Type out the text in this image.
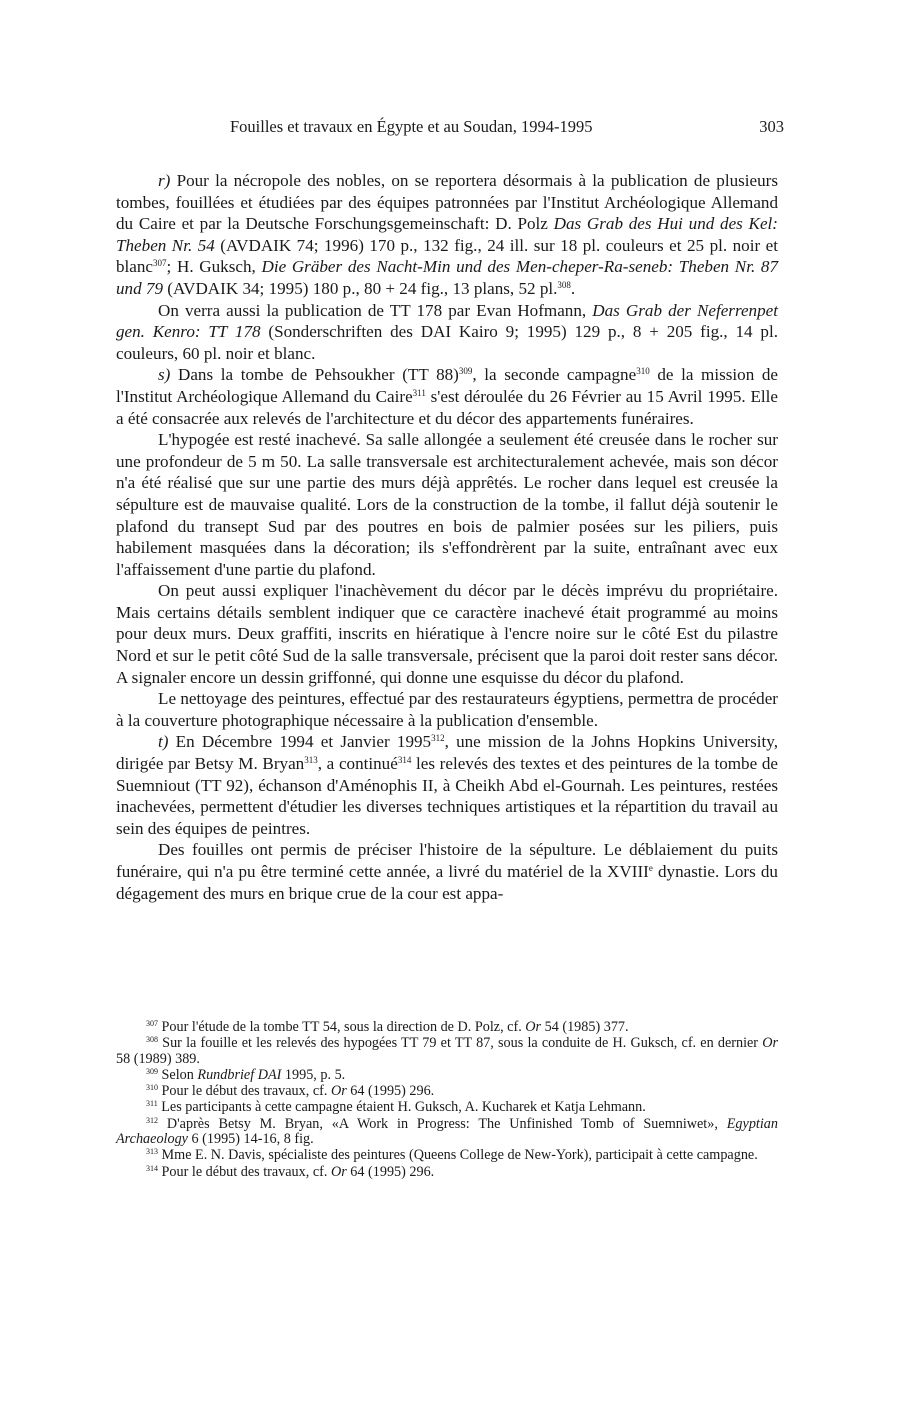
Fouilles et travaux en Égypte et au Soudan, 1994-1995	303

r) Pour la nécropole des nobles, on se reportera désormais à la publication de plusieurs tombes, fouillées et étudiées par des équipes patronnées par l'Institut Archéologique Allemand du Caire et par la Deutsche Forschungsgemeinschaft: D. Polz Das Grab des Hui und des Kel: Theben Nr. 54 (AVDAIK 74; 1996) 170 p., 132 fig., 24 ill. sur 18 pl. couleurs et 25 pl. noir et blanc$^{307}$; H. Guksch, Die Gräber des Nacht-Min und des Men-cheper-Ra-seneb: Theben Nr. 87 und 79 (AVDAIK 34; 1995) 180 p., 80 + 24 fig., 13 plans, 52 pl.$^{308}$.

On verra aussi la publication de TT 178 par Evan Hofmann, Das Grab der Neferrenpet gen. Kenro: TT 178 (Sonderschriften des DAI Kairo 9; 1995) 129 p., 8 + 205 fig., 14 pl. couleurs, 60 pl. noir et blanc.

s) Dans la tombe de Pehsoukher (TT 88)$^{309}$, la seconde campagne$^{310}$ de la mission de l'Institut Archéologique Allemand du Caire$^{311}$ s'est déroulée du 26 Février au 15 Avril 1995. Elle a été consacrée aux relevés de l'architecture et du décor des appartements funéraires.

L'hypogée est resté inachevé. Sa salle allongée a seulement été creusée dans le rocher sur une profondeur de 5 m 50. La salle transversale est architecturalement achevée, mais son décor n'a été réalisé que sur une partie des murs déjà apprêtés. Le rocher dans lequel est creusée la sépulture est de mauvaise qualité. Lors de la construction de la tombe, il fallut déjà soutenir le plafond du transept Sud par des poutres en bois de palmier posées sur les piliers, puis habilement masquées dans la décoration; ils s'effondrèrent par la suite, entraînant avec eux l'affaissement d'une partie du plafond.

On peut aussi expliquer l'inachèvement du décor par le décès imprévu du propriétaire. Mais certains détails semblent indiquer que ce caractère inachevé était programmé au moins pour deux murs. Deux graffiti, inscrits en hiératique à l'encre noire sur le côté Est du pilastre Nord et sur le petit côté Sud de la salle transversale, précisent que la paroi doit rester sans décor. A signaler encore un dessin griffonné, qui donne une esquisse du décor du plafond.

Le nettoyage des peintures, effectué par des restaurateurs égyptiens, permettra de procéder à la couverture photographique nécessaire à la publication d'ensemble.

t) En Décembre 1994 et Janvier 1995$^{312}$, une mission de la Johns Hopkins University, dirigée par Betsy M. Bryan$^{313}$, a continué$^{314}$ les relevés des textes et des peintures de la tombe de Suemniout (TT 92), échanson d'Aménophis II, à Cheikh Abd el-Gournah. Les peintures, restées inachevées, permettent d'étudier les diverses techniques artistiques et la répartition du travail au sein des équipes de peintres.

Des fouilles ont permis de préciser l'histoire de la sépulture. Le déblaiement du puits funéraire, qui n'a pu être terminé cette année, a livré du matériel de la XVIIIe dynastie. Lors du dégagement des murs en brique crue de la cour est appa-

$^{307}$ Pour l'étude de la tombe TT 54, sous la direction de D. Polz, cf. Or 54 (1985) 377.

$^{308}$ Sur la fouille et les relevés des hypogées TT 79 et TT 87, sous la conduite de H. Guksch, cf. en dernier Or 58 (1989) 389.

$^{309}$ Selon Rundbrief DAI 1995, p. 5.

$^{310}$ Pour le début des travaux, cf. Or 64 (1995) 296.

$^{311}$ Les participants à cette campagne étaient H. Guksch, A. Kucharek et Katja Lehmann.

$^{312}$ D'après Betsy M. Bryan, «A Work in Progress: The Unfinished Tomb of Suemniwet», Egyptian Archaeology 6 (1995) 14-16, 8 fig.

$^{313}$ Mme E. N. Davis, spécialiste des peintures (Queens College de New-York), participait à cette campagne.

$^{314}$ Pour le début des travaux, cf. Or 64 (1995) 296.
